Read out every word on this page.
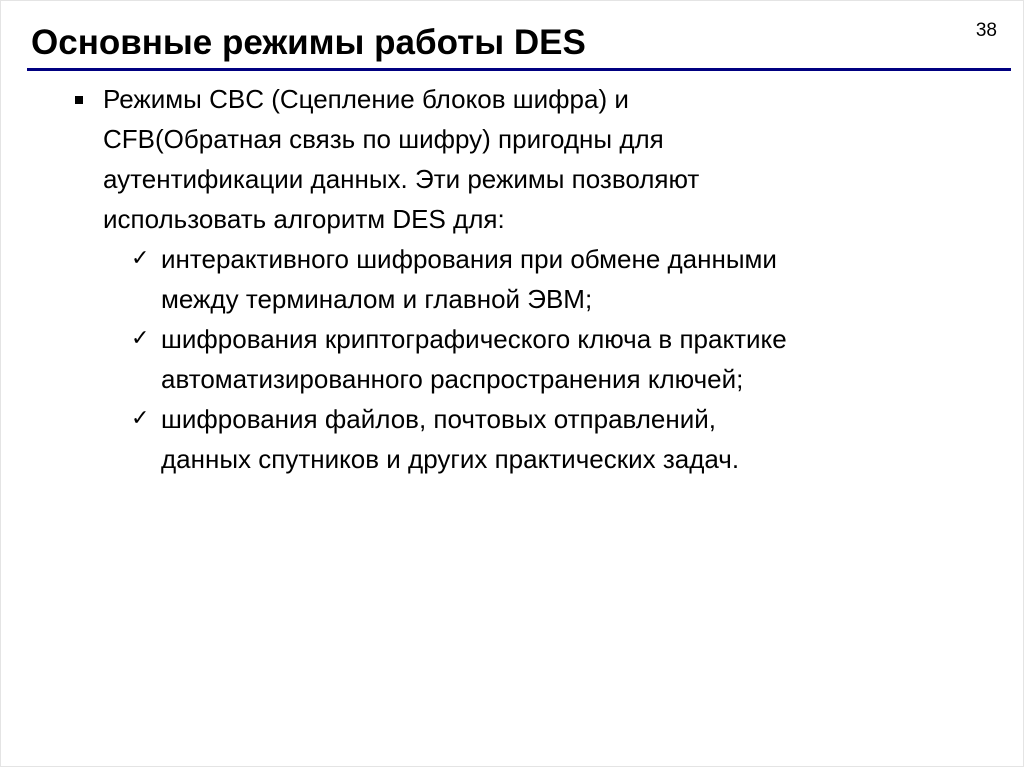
Основные режимы работы DES	38
Режимы CBC (Сцепление блоков шифра) и
CFB(Обратная связь по шифру) пригодны для
аутентификации данных. Эти режимы позволяют
использовать алгоритм DES для:
✓ интерактивного шифрования при обмене данными
между терминалом и главной ЭВМ;
✓ шифрования криптографического ключа в практике
автоматизированного распространения ключей;
✓ шифрования файлов, почтовых отправлений,
данных спутников и других практических задач.
